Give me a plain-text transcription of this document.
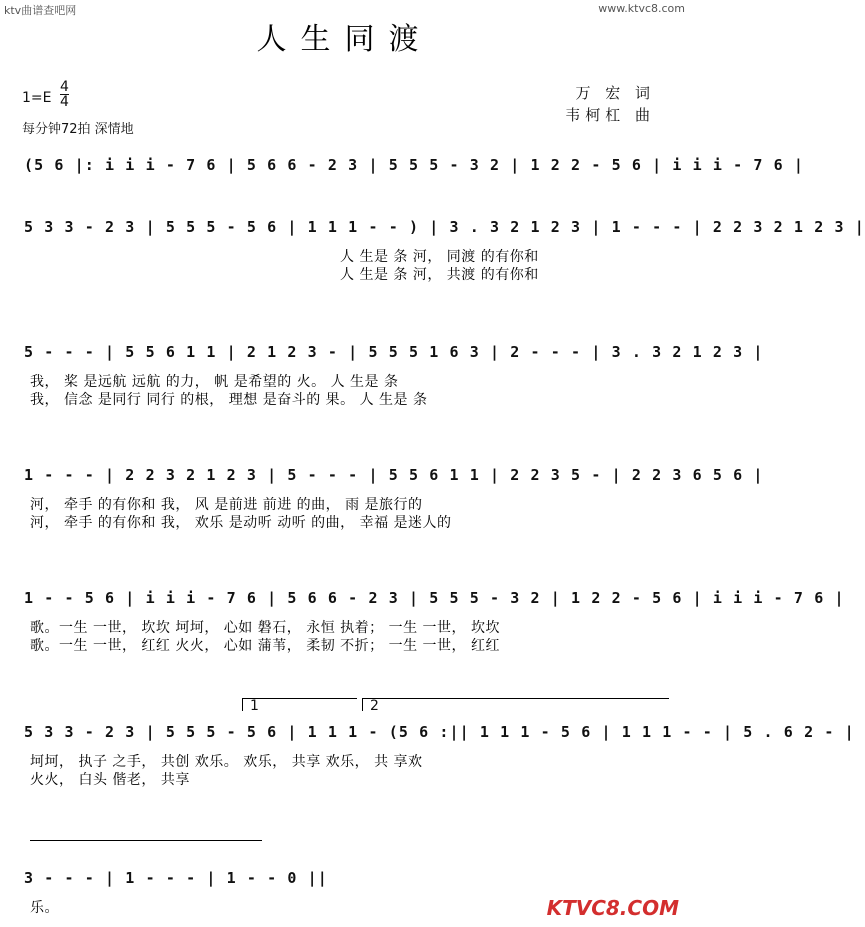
ktv曲谱查吧网	www.ktvc8.com
人生同渡
$1=E \frac{4}{4}$
每分钟72拍 深情地
万 宏 词
韦柯杠 曲
(5 6 |: i i i - 7 6 | 5 6 6 - 2 3 | 5 5 5 - 3 2 | 1 2 2 - 5 6 | i i i - 7 6 |
5 3 3 - 2 3 | 5 5 5 - 5 6 | 1 1 1 - - ) | 3 . 3 2 1 2 3 | 1 - - - | 2 2 3 2 1 2 3 |
人 生是 条 河， 同渡 的有你和
人 生是 条 河， 共渡 的有你和
5 - - - | 5 5 6 1 1 | 2 1 2 3 - | 5 5 5 1 6 3 | 2 - - - | 3 . 3 2 1 2 3 |
我， 桨 是远航 远航 的力， 帆 是希望的 火。 人 生是 条
我， 信念 是同行 同行 的根， 理想 是奋斗的 果。 人 生是 条
1 - - - | 2 2 3 2 1 2 3 | 5 - - - | 5 5 6 1 1 | 2 2 3 5 - | 2 2 3 6 5 6 |
河， 牵手 的有你和 我， 风 是前进 前进 的曲， 雨 是旅行的
河， 牵手 的有你和 我， 欢乐 是动听 动听 的曲， 幸福 是迷人的
1 - - 5 6 | i i i - 7 6 | 5 6 6 - 2 3 | 5 5 5 - 3 2 | 1 2 2 - 5 6 | i i i - 7 6 |
歌。一生 一世， 坎坎 坷坷， 心如 磐石， 永恒 执着； 一生 一世， 坎坎
歌。一生 一世， 红红 火火， 心如 蒲苇， 柔韧 不折； 一生 一世， 红红
1	2
5 3 3 - 2 3 | 5 5 5 - 5 6 | 1 1 1 - (5 6 :|| 1 1 1 - 5 6 | 1 1 1 - - | 5 . 6 2 - |
坷坷， 执子 之手， 共创 欢乐。 欢乐， 共享 欢乐， 共 享欢
火火， 白头 偕老， 共享
3 - - - | 1 - - - | 1 - - 0 ||
乐。	KTVC8.COM
